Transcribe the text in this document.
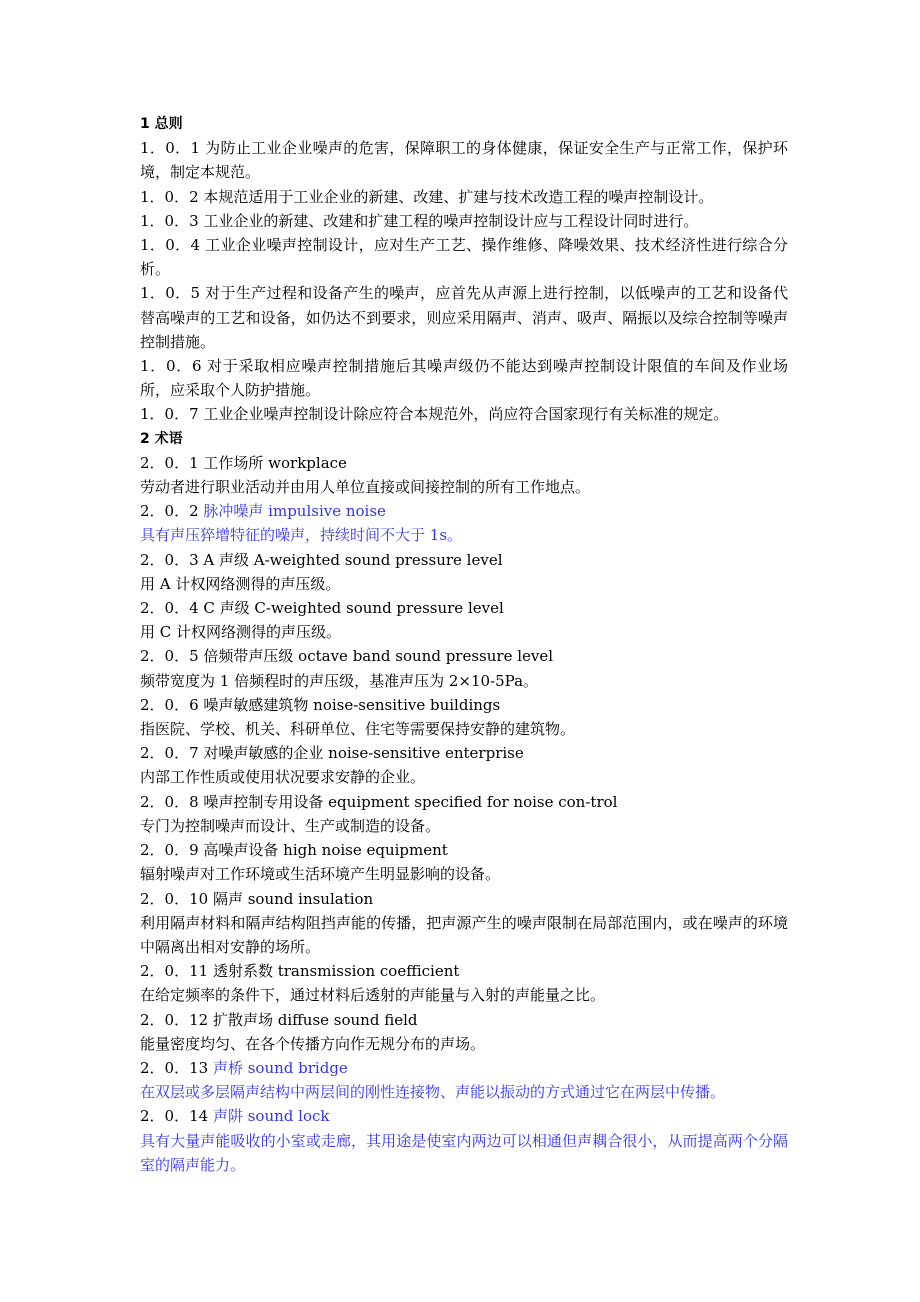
1 总则

1．0．1 为防止工业企业噪声的危害，保障职工的身体健康，保证安全生产与正常工作，保护环境，制定本规范。

1．0．2 本规范适用于工业企业的新建、改建、扩建与技术改造工程的噪声控制设计。

1．0．3 工业企业的新建、改建和扩建工程的噪声控制设计应与工程设计同时进行。

1．0．4 工业企业噪声控制设计，应对生产工艺、操作维修、降噪效果、技术经济性进行综合分析。

1．0．5 对于生产过程和设备产生的噪声，应首先从声源上进行控制，以低噪声的工艺和设备代替高噪声的工艺和设备，如仍达不到要求，则应采用隔声、消声、吸声、隔振以及综合控制等噪声控制措施。

1．0．6 对于采取相应噪声控制措施后其噪声级仍不能达到噪声控制设计限值的车间及作业场所，应采取个人防护措施。

1．0．7 工业企业噪声控制设计除应符合本规范外，尚应符合国家现行有关标准的规定。

2 术语

2．0．1 工作场所 workplace

劳动者进行职业活动并由用人单位直接或间接控制的所有工作地点。

2．0．2 脉冲噪声 impulsive noise

具有声压猝增特征的噪声，持续时间不大于 1s。

2．0．3 A 声级 A-weighted sound pressure level

用 A 计权网络测得的声压级。

2．0．4 C 声级 C-weighted sound pressure level

用 C 计权网络测得的声压级。

2．0．5 倍频带声压级 octave band sound pressure level

频带宽度为 1 倍频程时的声压级，基准声压为 2×10-5Pa。

2．0．6 噪声敏感建筑物 noise-sensitive buildings

指医院、学校、机关、科研单位、住宅等需要保持安静的建筑物。

2．0．7 对噪声敏感的企业 noise-sensitive enterprise

内部工作性质或使用状况要求安静的企业。

2．0．8 噪声控制专用设备 equipment specified for noise con-trol

专门为控制噪声而设计、生产或制造的设备。

2．0．9 高噪声设备 high noise equipment

辐射噪声对工作环境或生活环境产生明显影响的设备。

2．0．10 隔声 sound insulation

利用隔声材料和隔声结构阻挡声能的传播，把声源产生的噪声限制在局部范围内，或在噪声的环境中隔离出相对安静的场所。

2．0．11 透射系数 transmission coefficient

在给定频率的条件下，通过材料后透射的声能量与入射的声能量之比。

2．0．12 扩散声场 diffuse sound field

能量密度均匀、在各个传播方向作无规分布的声场。

2．0．13 声桥 sound bridge

在双层或多层隔声结构中两层间的刚性连接物、声能以振动的方式通过它在两层中传播。

2．0．14 声阱 sound lock

具有大量声能吸收的小室或走廊，其用途是使室内两边可以相通但声耦合很小，从而提高两个分隔室的隔声能力。
